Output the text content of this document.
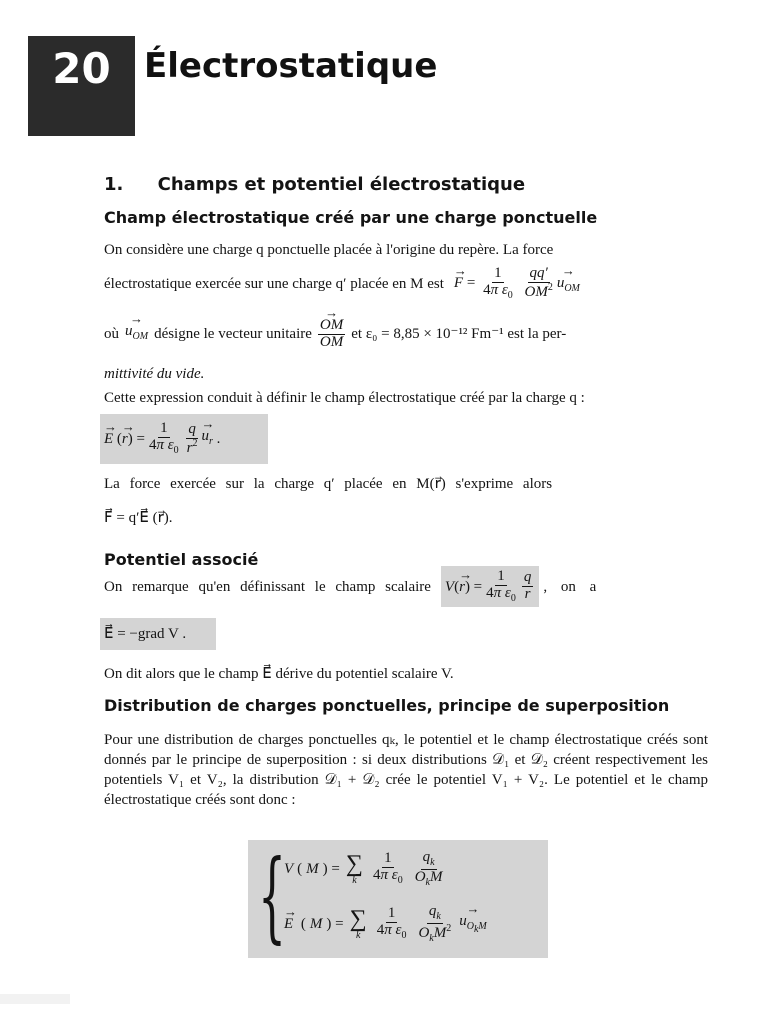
20 Électrostatique
1. Champs et potentiel électrostatique
Champ électrostatique créé par une charge ponctuelle
On considère une charge q ponctuelle placée à l'origine du repère. La force
électrostatique exercée sur une charge q′ placée en M est
→ $F = \frac{1}{4\pi \varepsilon_0}$
$\frac{qq'}{OM^2}$
→ $u_{OM}$
où
→ $u_{OM}$ désigne le vecteur unitaire
→ $\frac{OM}{OM}$ et ε₀ = 8,85 × 10⁻¹² Fm⁻¹ est la per-
mittivité du vide.
Cette expression conduit à définir le champ électrostatique créé par la charge q :
→ E (
→ r ) = $\frac{1}{4\pi \varepsilon_0} \frac{q}{r^2}$
→ $u_r$ .
La force exercée sur la charge q′ placée en M(r⃗) s'exprime alors
F⃗ = q′E⃗ (r⃗).
Potentiel associé
On remarque qu'en définissant le champ scalaire V (
→ r ) = $\frac{1}{4\pi \varepsilon_0} \frac{q}{r}$ , on a
E⃗ = −grad V .
On dit alors que le champ E⃗ dérive du potentiel scalaire V.
Distribution de charges ponctuelles, principe de superposition
Pour une distribution de charges ponctuelles qₖ, le potentiel et le champ électrostatique créés sont donnés par le principe de superposition : si deux distributions 𝒟₁ et 𝒟₂ créent respectivement les potentiels V₁ et V₂, la distribution 𝒟₁ + 𝒟₂ crée le potentiel V₁ + V₂. Le potentiel et le champ électrostatique créés sont donc :
{
V ( M ) = ∑
k $\frac{1}{4\pi \varepsilon_0} \frac{q_k}{O_kM}$
→ E ( M ) = ∑
k $\frac{1}{4\pi \varepsilon_0} \frac{q_k}{O_kM^2}$
→ $u_{O_kM}$
